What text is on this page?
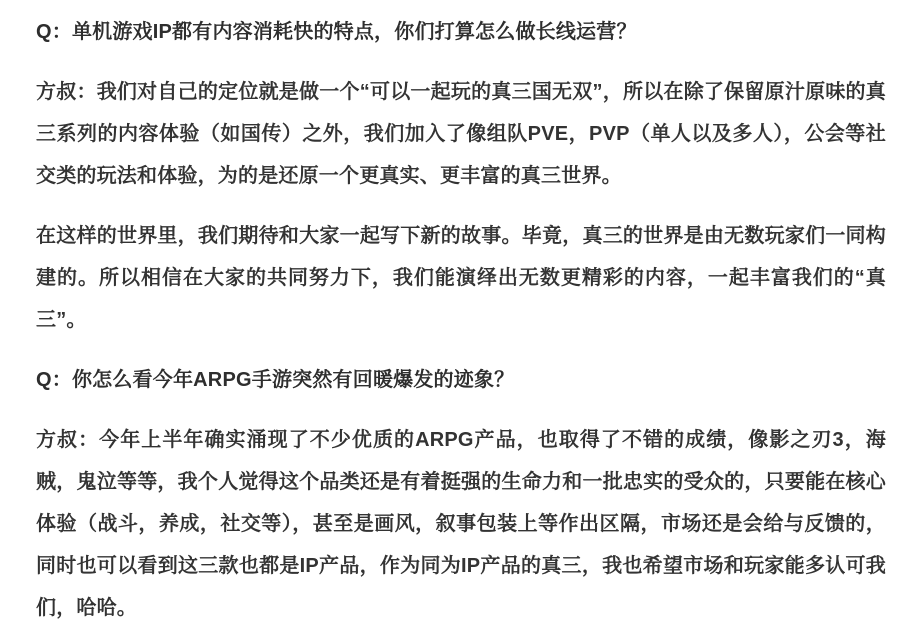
Q：单机游戏IP都有内容消耗快的特点，你们打算怎么做长线运营？

方叔：我们对自己的定位就是做一个“可以一起玩的真三国无双”，所以在除了保留原汁原味的真三系列的内容体验（如国传）之外，我们加入了像组队PVE，PVP（单人以及多人），公会等社交类的玩法和体验，为的是还原一个更真实、更丰富的真三世界。

在这样的世界里，我们期待和大家一起写下新的故事。毕竟，真三的世界是由无数玩家们一同构建的。所以相信在大家的共同努力下，我们能演绎出无数更精彩的内容，一起丰富我们的“真三”。

Q：你怎么看今年ARPG手游突然有回暖爆发的迹象？

方叔：今年上半年确实涌现了不少优质的ARPG产品，也取得了不错的成绩，像影之刃3，海贼，鬼泣等等，我个人觉得这个品类还是有着挺强的生命力和一批忠实的受众的，只要能在核心体验（战斗，养成，社交等），甚至是画风，叙事包装上等作出区隔，市场还是会给与反馈的，同时也可以看到这三款也都是IP产品，作为同为IP产品的真三，我也希望市场和玩家能多认可我们，哈哈。
